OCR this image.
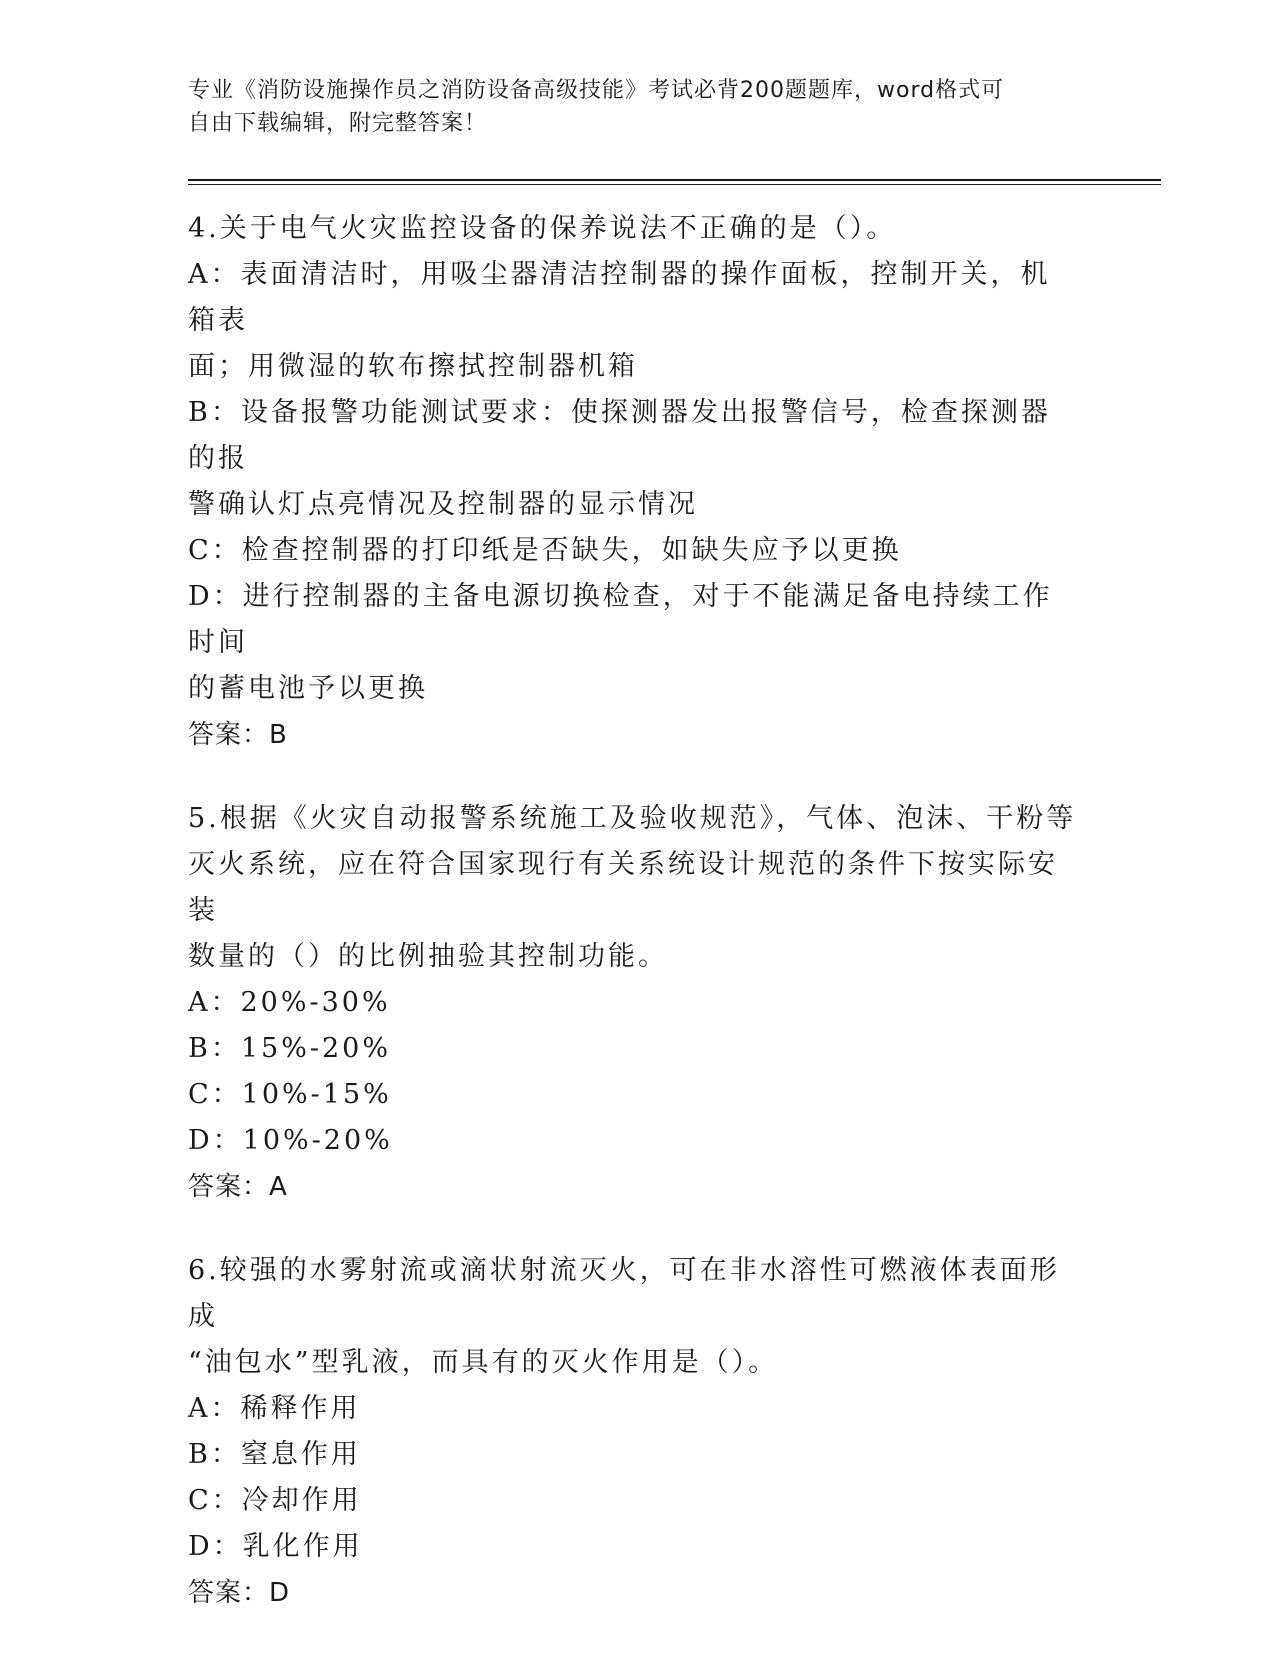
专业《消防设施操作员之消防设备高级技能》考试必背200题题库，word格式可
自由下载编辑，附完整答案！

4.关于电气火灾监控设备的保养说法不正确的是（）。

A：表面清洁时，用吸尘器清洁控制器的操作面板，控制开关，机箱表

面；用微湿的软布擦拭控制器机箱

B：设备报警功能测试要求：使探测器发出报警信号，检查探测器的报

警确认灯点亮情况及控制器的显示情况

C：检查控制器的打印纸是否缺失，如缺失应予以更换

D：进行控制器的主备电源切换检查，对于不能满足备电持续工作时间

的蓄电池予以更换

答案：B

5.根据《火灾自动报警系统施工及验收规范》，气体、泡沫、干粉等

灭火系统，应在符合国家现行有关系统设计规范的条件下按实际安装

数量的（）的比例抽验其控制功能。

A：20%-30%

B：15%-20%

C：10%-15%

D：10%-20%

答案：A

6.较强的水雾射流或滴状射流灭火，可在非水溶性可燃液体表面形成

“油包水”型乳液，而具有的灭火作用是（）。

A：稀释作用

B：窒息作用

C：冷却作用

D：乳化作用

答案：D
